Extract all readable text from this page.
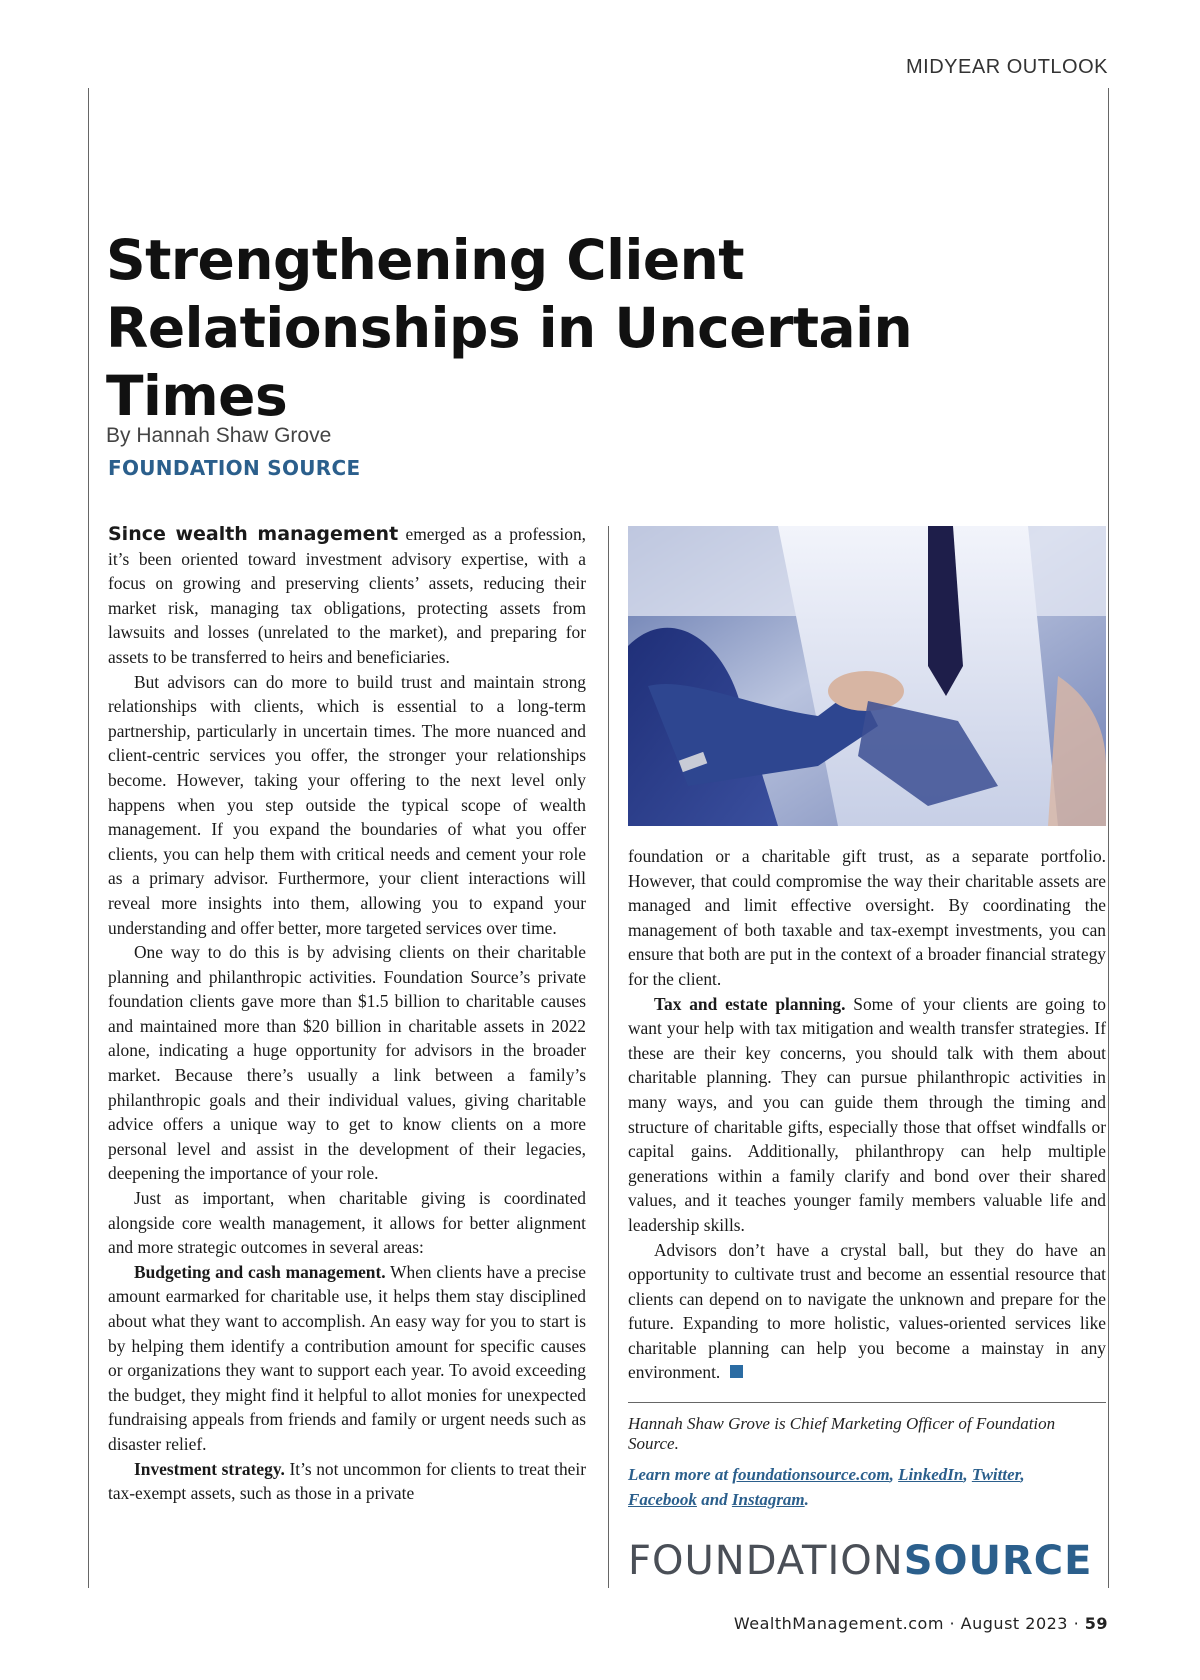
MIDYEAR OUTLOOK
Strengthening Client Relationships in Uncertain Times
By Hannah Shaw Grove
FOUNDATION SOURCE

Since wealth management emerged as a profession, it’s been oriented toward investment advisory expertise, with a focus on growing and preserving clients’ assets, reducing their market risk, managing tax obligations, protecting assets from lawsuits and losses (unrelated to the market), and preparing for assets to be transferred to heirs and beneficiaries.

But advisors can do more to build trust and maintain strong relationships with clients, which is essential to a long-term partnership, particularly in uncertain times. The more nuanced and client-centric services you offer, the stronger your relationships become. However, taking your offering to the next level only happens when you step outside the typical scope of wealth management. If you expand the boundaries of what you offer clients, you can help them with critical needs and cement your role as a primary advisor. Furthermore, your client interactions will reveal more insights into them, allowing you to expand your understanding and offer better, more targeted services over time.

One way to do this is by advising clients on their charitable planning and philanthropic activities. Foundation Source’s private foundation clients gave more than $1.5 billion to charitable causes and maintained more than $20 billion in charitable assets in 2022 alone, indicating a huge opportunity for advisors in the broader market. Because there’s usually a link between a family’s philanthropic goals and their individual values, giving charitable advice offers a unique way to get to know clients on a more personal level and assist in the development of their legacies, deepening the importance of your role.

Just as important, when charitable giving is coordinated alongside core wealth management, it allows for better alignment and more strategic outcomes in several areas:

Budgeting and cash management. When clients have a precise amount earmarked for charitable use, it helps them stay disciplined about what they want to accomplish. An easy way for you to start is by helping them identify a contribution amount for specific causes or organizations they want to support each year. To avoid exceeding the budget, they might find it helpful to allot monies for unexpected fundraising appeals from friends and family or urgent needs such as disaster relief.

Investment strategy. It’s not uncommon for clients to treat their tax-exempt assets, such as those in a private

foundation or a charitable gift trust, as a separate portfolio. However, that could compromise the way their charitable assets are managed and limit effective oversight. By coordinating the management of both taxable and tax-exempt investments, you can ensure that both are put in the context of a broader financial strategy for the client.

Tax and estate planning. Some of your clients are going to want your help with tax mitigation and wealth transfer strategies. If these are their key concerns, you should talk with them about charitable planning. They can pursue philanthropic activities in many ways, and you can guide them through the timing and structure of charitable gifts, especially those that offset windfalls or capital gains. Additionally, philanthropy can help multiple generations within a family clarify and bond over their shared values, and it teaches younger family members valuable life and leadership skills.

Advisors don’t have a crystal ball, but they do have an opportunity to cultivate trust and become an essential resource that clients can depend on to navigate the unknown and prepare for the future. Expanding to more holistic, values-oriented services like charitable planning can help you become a mainstay in any environment.

Hannah Shaw Grove is Chief Marketing Officer of Foundation Source.
Learn more at foundationsource.com, LinkedIn, Twitter,
Facebook and Instagram.
FOUNDATIONSOURCE
WealthManagement.com · August 2023 · 59
